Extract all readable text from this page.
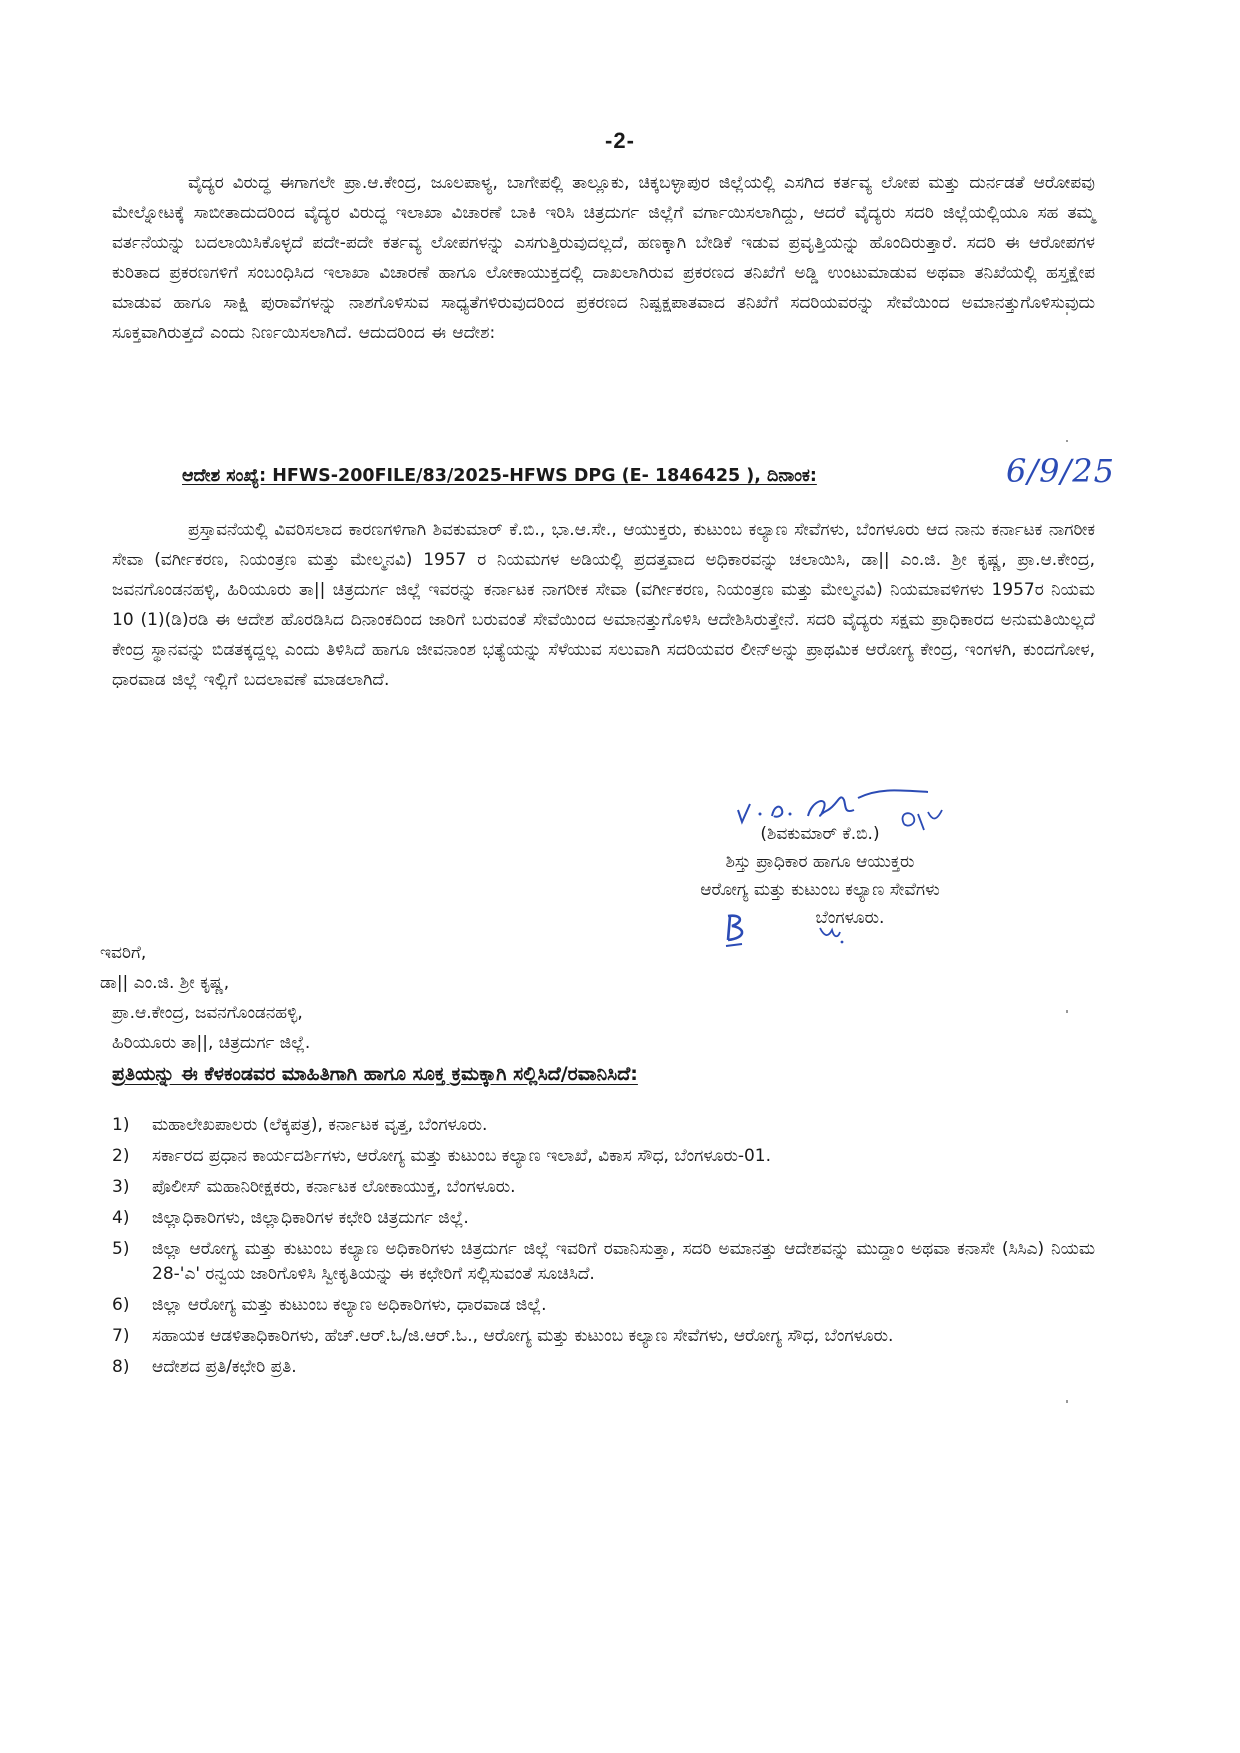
-2-

ವೈದ್ಯರ ವಿರುದ್ಧ ಈಗಾಗಲೇ ಪ್ರಾ.ಆ.ಕೇಂದ್ರ, ಜೂಲಪಾಳ್ಯ, ಬಾಗೇಪಲ್ಲಿ ತಾಲ್ಲೂಕು, ಚಿಕ್ಕಬಳ್ಳಾಪುರ ಜಿಲ್ಲೆಯಲ್ಲಿ ಎಸಗಿದ ಕರ್ತವ್ಯ ಲೋಪ ಮತ್ತು ದುರ್ನಡತೆ ಆರೋಪವು ಮೇಲ್ನೋಟಕ್ಕೆ ಸಾಬೀತಾದುದರಿಂದ ವೈದ್ಯರ ವಿರುದ್ಧ ಇಲಾಖಾ ವಿಚಾರಣೆ ಬಾಕಿ ಇರಿಸಿ ಚಿತ್ರದುರ್ಗ ಜಿಲ್ಲೆಗೆ ವರ್ಗಾಯಿಸಲಾಗಿದ್ದು, ಆದರೆ ವೈದ್ಯರು ಸದರಿ ಜಿಲ್ಲೆಯಲ್ಲಿಯೂ ಸಹ ತಮ್ಮ ವರ್ತನೆಯನ್ನು ಬದಲಾಯಿಸಿಕೊಳ್ಳದೆ ಪದೇ-ಪದೇ ಕರ್ತವ್ಯ ಲೋಪಗಳನ್ನು ಎಸಗುತ್ತಿರುವುದಲ್ಲದೆ, ಹಣಕ್ಕಾಗಿ ಬೇಡಿಕೆ ಇಡುವ ಪ್ರವೃತ್ತಿಯನ್ನು ಹೊಂದಿರುತ್ತಾರೆ. ಸದರಿ ಈ ಆರೋಪಗಳ ಕುರಿತಾದ ಪ್ರಕರಣಗಳಿಗೆ ಸಂಬಂಧಿಸಿದ ಇಲಾಖಾ ವಿಚಾರಣೆ ಹಾಗೂ ಲೋಕಾಯುಕ್ತದಲ್ಲಿ ದಾಖಲಾಗಿರುವ ಪ್ರಕರಣದ ತನಿಖೆಗೆ ಅಡ್ಡಿ ಉಂಟುಮಾಡುವ ಅಥವಾ ತನಿಖೆಯಲ್ಲಿ ಹಸ್ತಕ್ಷೇಪ ಮಾಡುವ ಹಾಗೂ ಸಾಕ್ಷಿ ಪುರಾವೆಗಳನ್ನು ನಾಶಗೊಳಿಸುವ ಸಾಧ್ಯತೆಗಳಿರುವುದರಿಂದ ಪ್ರಕರಣದ ನಿಷ್ಪಕ್ಷಪಾತವಾದ ತನಿಖೆಗೆ ಸದರಿಯವರನ್ನು ಸೇವೆಯಿಂದ ಅಮಾನತ್ತುಗೊಳಿಸುವುದು ಸೂಕ್ತವಾಗಿರುತ್ತದೆ ಎಂದು ನಿರ್ಣಯಿಸಲಾಗಿದೆ. ಆದುದರಿಂದ ಈ ಆದೇಶ:

ಆದೇಶ ಸಂಖ್ಯೆ: HFWS-200FILE/83/2025-HFWS DPG (E- 1846425 ), ದಿನಾಂಕ:	6/9/25

ಪ್ರಸ್ತಾವನೆಯಲ್ಲಿ ವಿವರಿಸಲಾದ ಕಾರಣಗಳಿಗಾಗಿ ಶಿವಕುಮಾರ್ ಕೆ.ಬಿ., ಭಾ.ಆ.ಸೇ., ಆಯುಕ್ತರು, ಕುಟುಂಬ ಕಲ್ಯಾಣ ಸೇವೆಗಳು, ಬೆಂಗಳೂರು ಆದ ನಾನು ಕರ್ನಾಟಕ ನಾಗರೀಕ ಸೇವಾ (ವರ್ಗೀಕರಣ, ನಿಯಂತ್ರಣ ಮತ್ತು ಮೇಲ್ಮನವಿ) 1957 ರ ನಿಯಮಗಳ ಅಡಿಯಲ್ಲಿ ಪ್ರದತ್ತವಾದ ಅಧಿಕಾರವನ್ನು ಚಲಾಯಿಸಿ, ಡಾ|| ಎಂ.ಜಿ. ಶ್ರೀ ಕೃಷ್ಣ, ಪ್ರಾ.ಆ.ಕೇಂದ್ರ, ಜವನಗೊಂಡನಹಳ್ಳಿ, ಹಿರಿಯೂರು ತಾ|| ಚಿತ್ರದುರ್ಗ ಜಿಲ್ಲೆ ಇವರನ್ನು ಕರ್ನಾಟಕ ನಾಗರೀಕ ಸೇವಾ (ವರ್ಗೀಕರಣ, ನಿಯಂತ್ರಣ ಮತ್ತು ಮೇಲ್ಮನವಿ) ನಿಯಮಾವಳಿಗಳು 1957ರ ನಿಯಮ 10 (1)(ಡಿ)ರಡಿ ಈ ಆದೇಶ ಹೊರಡಿಸಿದ ದಿನಾಂಕದಿಂದ ಜಾರಿಗೆ ಬರುವಂತೆ ಸೇವೆಯಿಂದ ಅಮಾನತ್ತುಗೊಳಿಸಿ ಆದೇಶಿಸಿರುತ್ತೇನೆ. ಸದರಿ ವೈದ್ಯರು ಸಕ್ಷಮ ಪ್ರಾಧಿಕಾರದ ಅನುಮತಿಯಿಲ್ಲದೆ ಕೇಂದ್ರ ಸ್ಥಾನವನ್ನು ಬಿಡತಕ್ಕದ್ದಲ್ಲ ಎಂದು ತಿಳಿಸಿದೆ ಹಾಗೂ ಜೀವನಾಂಶ ಭತ್ಯೆಯನ್ನು ಸೆಳೆಯುವ ಸಲುವಾಗಿ ಸದರಿಯವರ ಲೀನ್‌ಅನ್ನು ಪ್ರಾಥಮಿಕ ಆರೋಗ್ಯ ಕೇಂದ್ರ, ಇಂಗಳಗಿ, ಕುಂದಗೋಳ, ಧಾರವಾಡ ಜಿಲ್ಲೆ ಇಲ್ಲಿಗೆ ಬದಲಾವಣೆ ಮಾಡಲಾಗಿದೆ.

(ಶಿವಕುಮಾರ್ ಕೆ.ಬಿ.)
ಶಿಸ್ತು ಪ್ರಾಧಿಕಾರ ಹಾಗೂ ಆಯುಕ್ತರು
ಆರೋಗ್ಯ ಮತ್ತು ಕುಟುಂಬ ಕಲ್ಯಾಣ ಸೇವೆಗಳು
ಬೆಂಗಳೂರು.
ಇವರಿಗೆ,
ಡಾ|| ಎಂ.ಜಿ. ಶ್ರೀ ಕೃಷ್ಣ,
ಪ್ರಾ.ಆ.ಕೇಂದ್ರ, ಜವನಗೊಂಡನಹಳ್ಳಿ,
ಹಿರಿಯೂರು ತಾ||, ಚಿತ್ರದುರ್ಗ ಜಿಲ್ಲೆ.
ಪ್ರತಿಯನ್ನು ಈ ಕೆಳಕಂಡವರ ಮಾಹಿತಿಗಾಗಿ ಹಾಗೂ ಸೂಕ್ತ ಕ್ರಮಕ್ಕಾಗಿ ಸಲ್ಲಿಸಿದೆ/ರವಾನಿಸಿದೆ:
1)	ಮಹಾಲೇಖಪಾಲರು (ಲೆಕ್ಕಪತ್ರ), ಕರ್ನಾಟಕ ವೃತ್ತ, ಬೆಂಗಳೂರು.
2)	ಸರ್ಕಾರದ ಪ್ರಧಾನ ಕಾರ್ಯದರ್ಶಿಗಳು, ಆರೋಗ್ಯ ಮತ್ತು ಕುಟುಂಬ ಕಲ್ಯಾಣ ಇಲಾಖೆ, ವಿಕಾಸ ಸೌಧ, ಬೆಂಗಳೂರು-01.
3)	ಪೊಲೀಸ್ ಮಹಾನಿರೀಕ್ಷಕರು, ಕರ್ನಾಟಕ ಲೋಕಾಯುಕ್ತ, ಬೆಂಗಳೂರು.
4)	ಜಿಲ್ಲಾಧಿಕಾರಿಗಳು, ಜಿಲ್ಲಾಧಿಕಾರಿಗಳ ಕಛೇರಿ ಚಿತ್ರದುರ್ಗ ಜಿಲ್ಲೆ.
5)	ಜಿಲ್ಲಾ ಆರೋಗ್ಯ ಮತ್ತು ಕುಟುಂಬ ಕಲ್ಯಾಣ ಅಧಿಕಾರಿಗಳು ಚಿತ್ರದುರ್ಗ ಜಿಲ್ಲೆ ಇವರಿಗೆ ರವಾನಿಸುತ್ತಾ, ಸದರಿ ಅಮಾನತ್ತು ಆದೇಶವನ್ನು ಮುದ್ದಾಂ ಅಥವಾ ಕನಾಸೇ (ಸಿಸಿಎ) ನಿಯಮ 28-'ಎ' ರನ್ವಯ ಜಾರಿಗೊಳಿಸಿ ಸ್ವೀಕೃತಿಯನ್ನು ಈ ಕಛೇರಿಗೆ ಸಲ್ಲಿಸುವಂತೆ ಸೂಚಿಸಿದೆ.
6)	ಜಿಲ್ಲಾ ಆರೋಗ್ಯ ಮತ್ತು ಕುಟುಂಬ ಕಲ್ಯಾಣ ಅಧಿಕಾರಿಗಳು, ಧಾರವಾಡ ಜಿಲ್ಲೆ.
7)	ಸಹಾಯಕ ಆಡಳಿತಾಧಿಕಾರಿಗಳು, ಹೆಚ್.ಆರ್.ಓ/ಜಿ.ಆರ್.ಓ., ಆರೋಗ್ಯ ಮತ್ತು ಕುಟುಂಬ ಕಲ್ಯಾಣ ಸೇವೆಗಳು, ಆರೋಗ್ಯ ಸೌಧ, ಬೆಂಗಳೂರು.
8)	ಆದೇಶದ ಪ್ರತಿ/ಕಛೇರಿ ಪ್ರತಿ.
